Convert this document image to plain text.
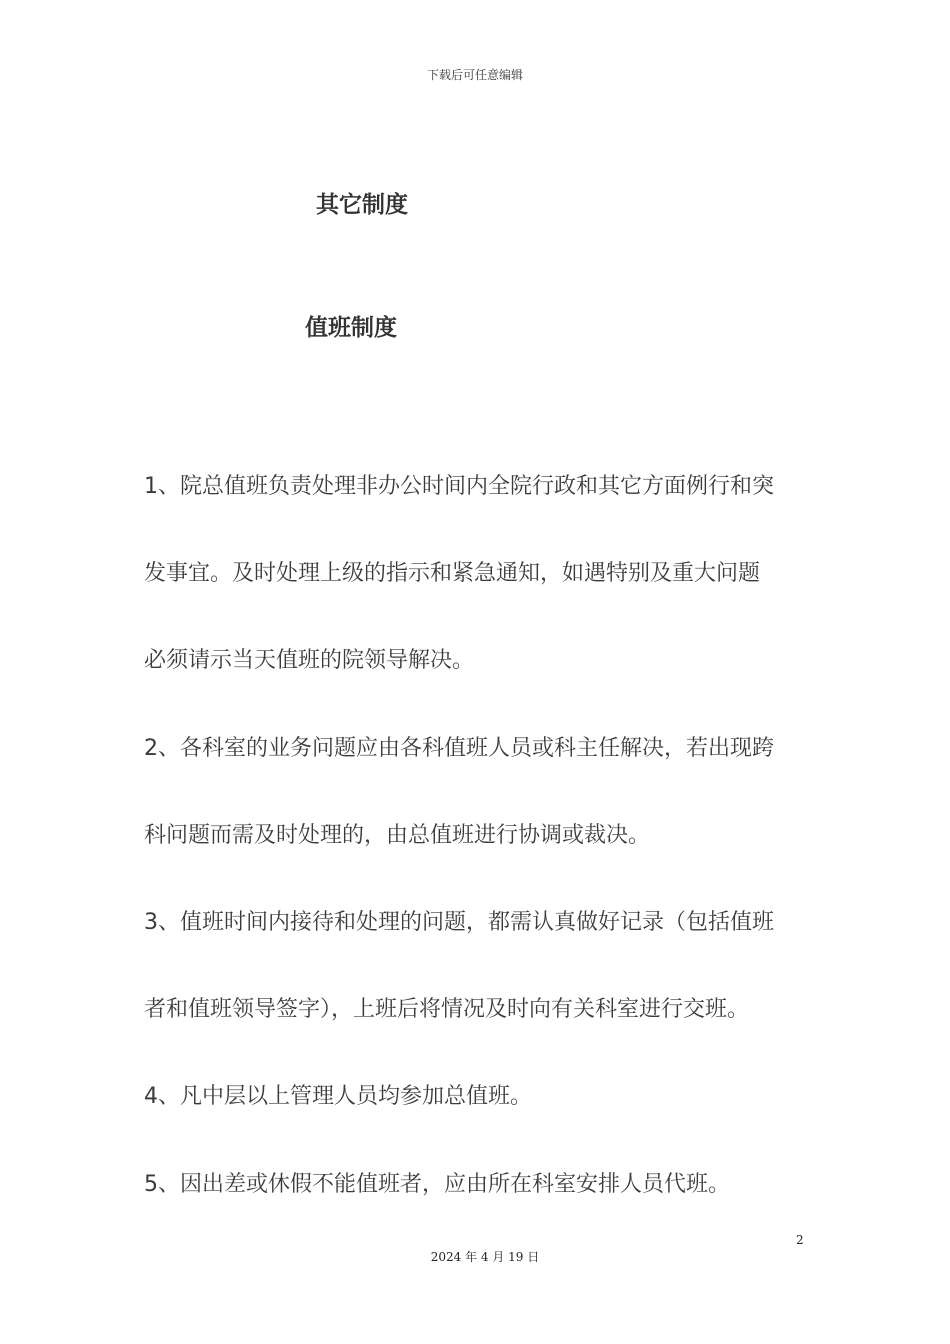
下载后可任意编辑
其它制度
值班制度
1、院总值班负责处理非办公时间内全院行政和其它方面例行和突
发事宜。及时处理上级的指示和紧急通知，如遇特别及重大问题
必须请示当天值班的院领导解决。
2、各科室的业务问题应由各科值班人员或科主任解决，若出现跨
科问题而需及时处理的，由总值班进行协调或裁决。
3、值班时间内接待和处理的问题，都需认真做好记录（包括值班
者和值班领导签字），上班后将情况及时向有关科室进行交班。
4、凡中层以上管理人员均参加总值班。
5、因出差或休假不能值班者，应由所在科室安排人员代班。
2
2024 年 4 月 19 日
